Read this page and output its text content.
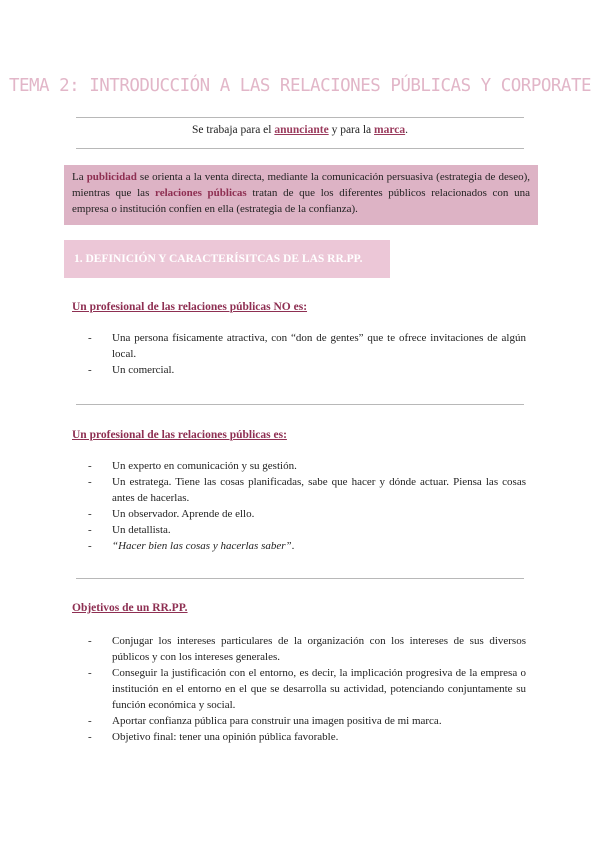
TEMA 2: INTRODUCCIÓN A LAS RELACIONES PÚBLICAS Y CORPORATE
Se trabaja para el anunciante y para la marca.
La publicidad se orienta a la venta directa, mediante la comunicación persuasiva (estrategia de deseo), mientras que las relaciones públicas tratan de que los diferentes públicos relacionados con una empresa o institución confíen en ella (estrategia de la confianza).
1. DEFINICIÓN Y CARACTERÍSITCAS DE LAS RR.PP.
Un profesional de las relaciones públicas NO es:
- Una persona físicamente atractiva, con “don de gentes” que te ofrece invitaciones de algún local.
- Un comercial.
Un profesional de las relaciones públicas es:
- Un experto en comunicación y su gestión.
- Un estratega. Tiene las cosas planificadas, sabe que hacer y dónde actuar. Piensa las cosas antes de hacerlas.
- Un observador. Aprende de ello.
- Un detallista.
- “Hacer bien las cosas y hacerlas saber”.
Objetivos de un RR.PP.
- Conjugar los intereses particulares de la organización con los intereses de sus diversos públicos y con los intereses generales.
- Conseguir la justificación con el entorno, es decir, la implicación progresiva de la empresa o institución en el entorno en el que se desarrolla su actividad, potenciando conjuntamente su función económica y social.
- Aportar confianza pública para construir una imagen positiva de mi marca.
- Objetivo final: tener una opinión pública favorable.
